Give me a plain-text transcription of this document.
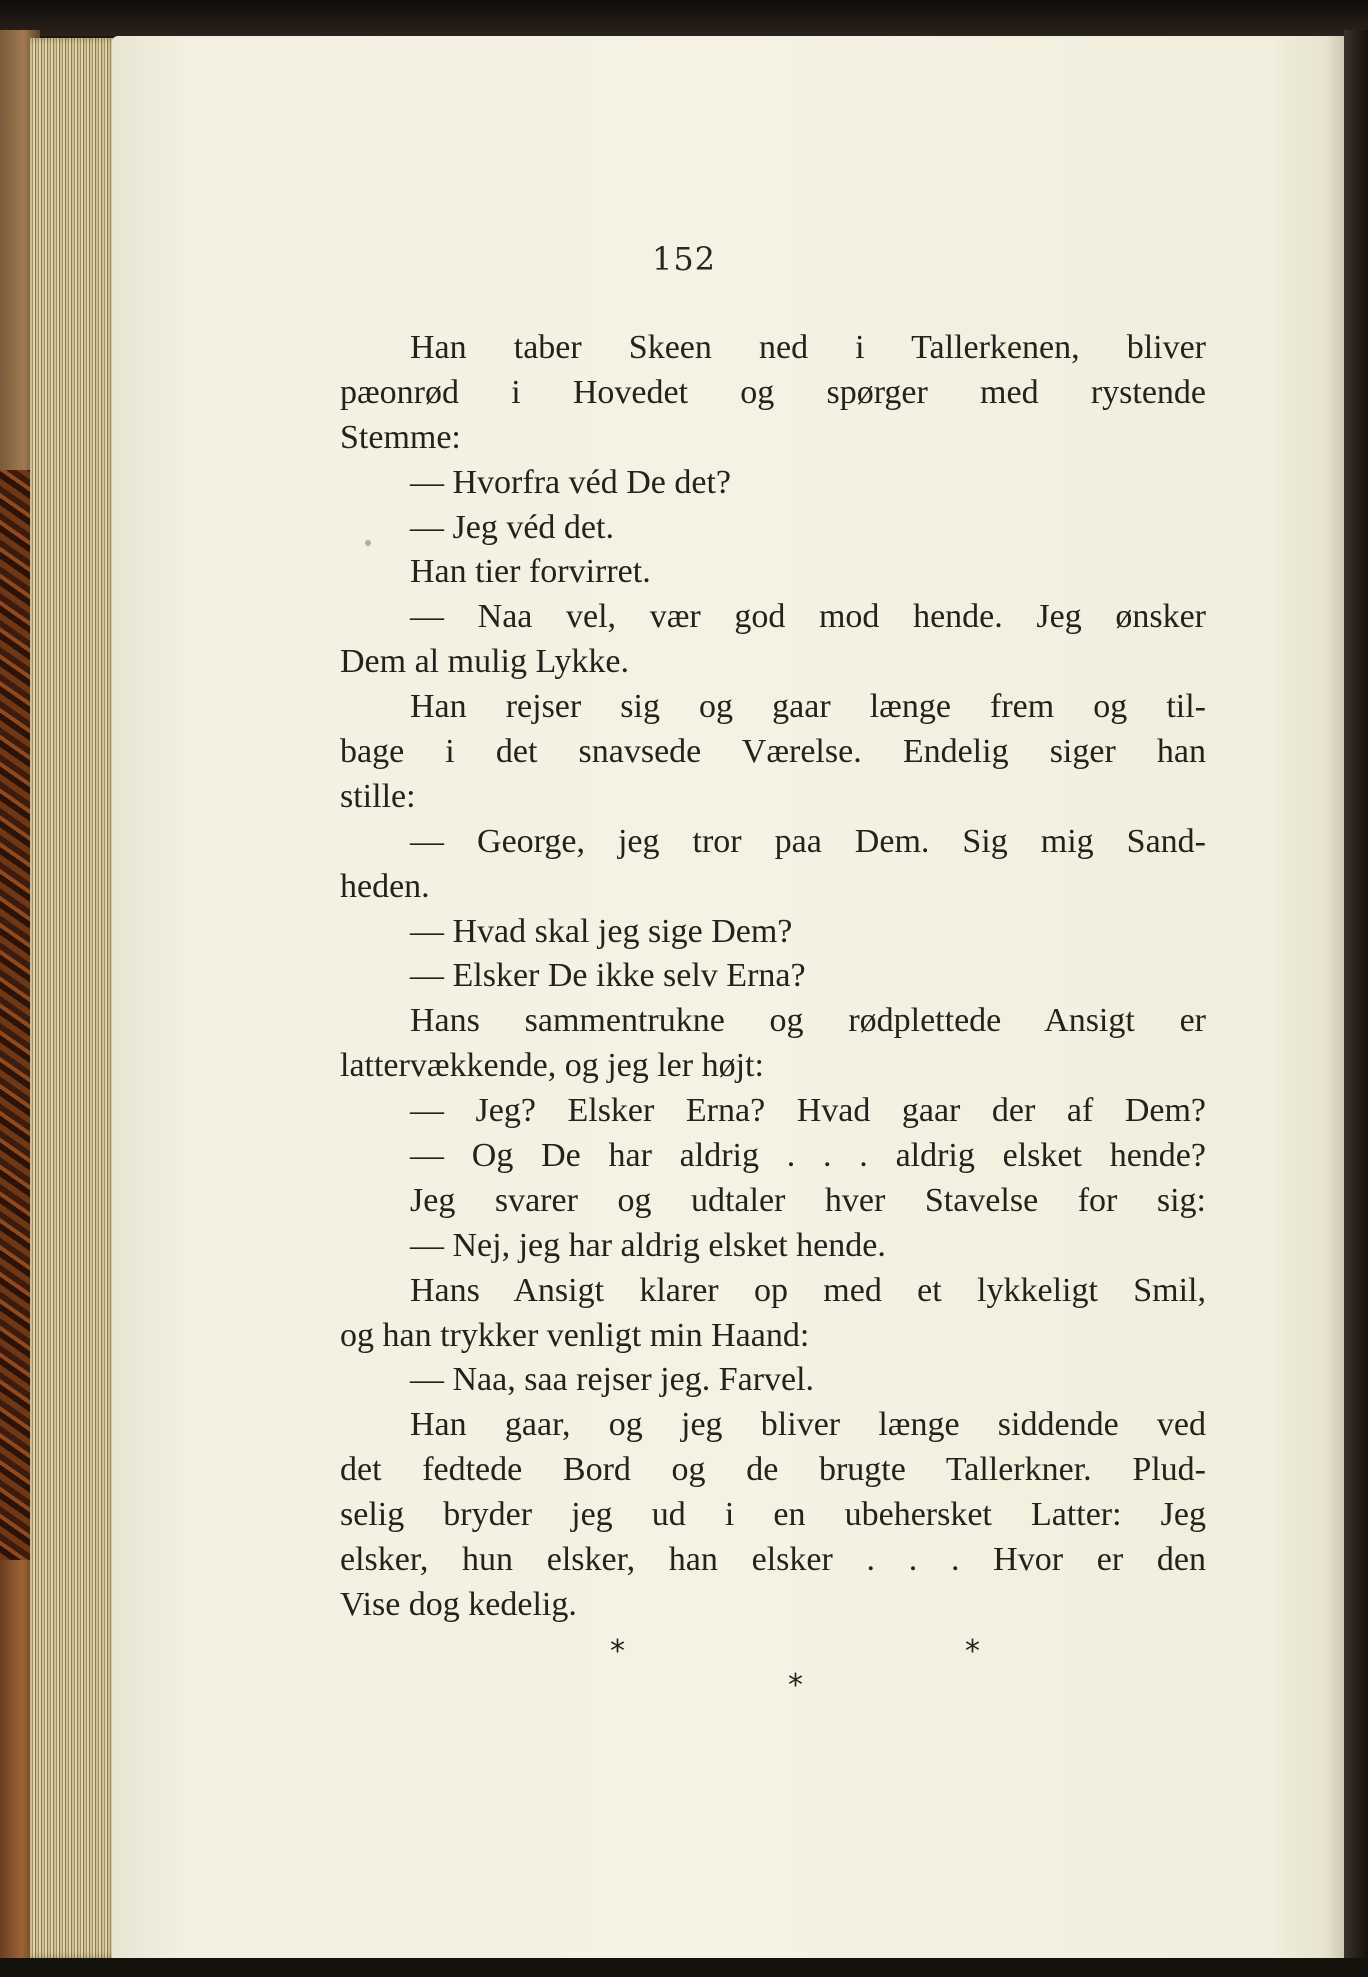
152
Han taber Skeen ned i Tallerkenen, bliver
pæonrød i Hovedet og spørger med rystende
Stemme:
— Hvorfra véd De det?
— Jeg véd det.
Han tier forvirret.
— Naa vel, vær god mod hende. Jeg ønsker
Dem al mulig Lykke.
Han rejser sig og gaar længe frem og til-
bage i det snavsede Værelse. Endelig siger han
stille:
— George, jeg tror paa Dem. Sig mig Sand-
heden.
— Hvad skal jeg sige Dem?
— Elsker De ikke selv Erna?
Hans sammentrukne og rødplettede Ansigt er
lattervækkende, og jeg ler højt:
— Jeg? Elsker Erna? Hvad gaar der af Dem?
— Og De har aldrig . . . aldrig elsket hende?
Jeg svarer og udtaler hver Stavelse for sig:
— Nej, jeg har aldrig elsket hende.
Hans Ansigt klarer op med et lykkeligt Smil,
og han trykker venligt min Haand:
— Naa, saa rejser jeg. Farvel.
Han gaar, og jeg bliver længe siddende ved
det fedtede Bord og de brugte Tallerkner. Plud-
selig bryder jeg ud i en ubehersket Latter: Jeg
elsker, hun elsker, han elsker . . . Hvor er den
Vise dog kedelig.
*	*
*
